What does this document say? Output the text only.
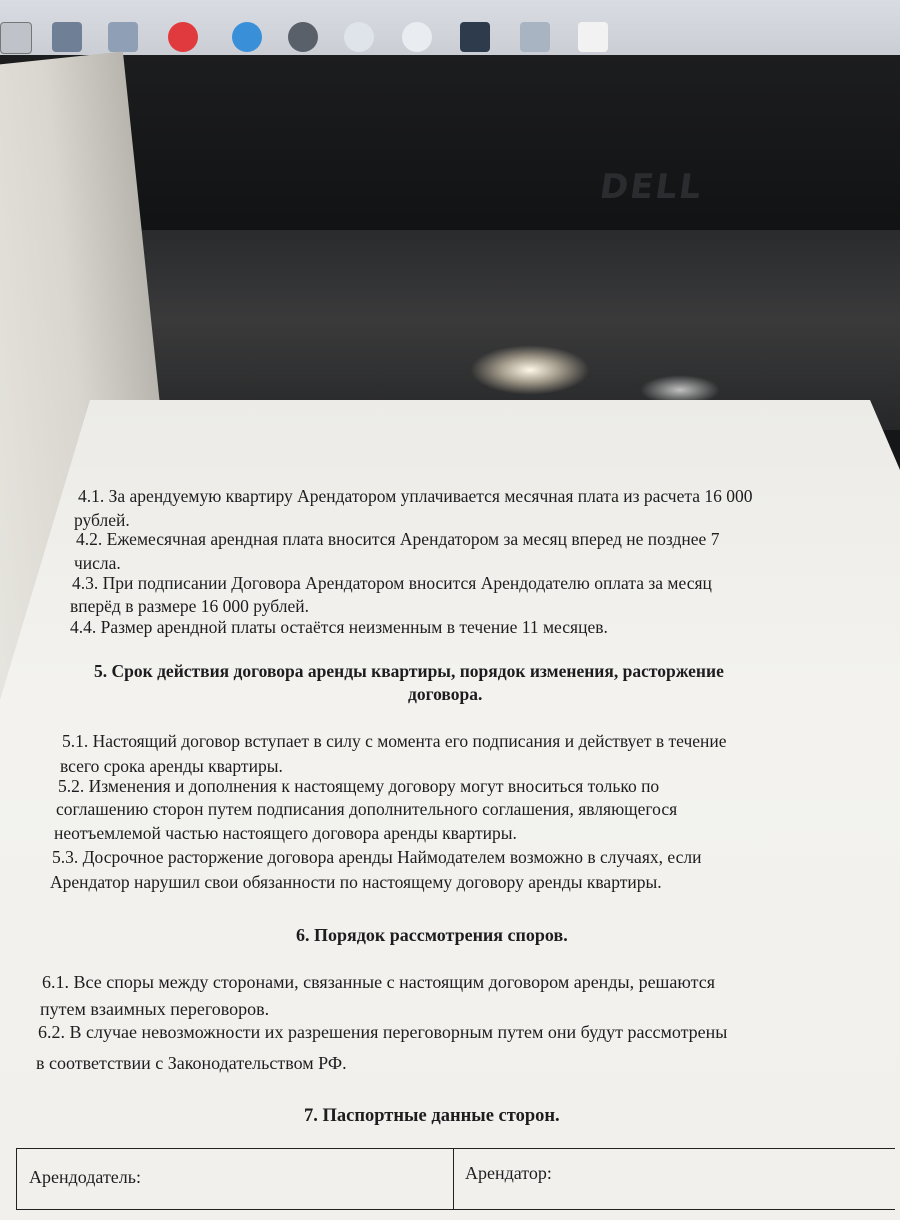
DELL
4.1. За арендуемую квартиру Арендатором уплачивается месячная плата из расчета 16 000
рублей.
4.2. Ежемесячная арендная плата вносится Арендатором за месяц вперед не позднее 7
числа.
4.3. При подписании Договора Арендатором вносится Арендодателю оплата за месяц
вперёд в размере 16 000 рублей.
4.4. Размер арендной платы остаётся неизменным в течение 11 месяцев.
5. Срок действия договора аренды квартиры, порядок изменения, расторжение
договора.
5.1. Настоящий договор вступает в силу с момента его подписания и действует в течение
всего срока аренды квартиры.
5.2. Изменения и дополнения к настоящему договору могут вноситься только по
соглашению сторон путем подписания дополнительного соглашения, являющегося
неотъемлемой частью настоящего договора аренды квартиры.
5.3. Досрочное расторжение договора аренды Наймодателем возможно в случаях, если
Арендатор нарушил свои обязанности по настоящему договору аренды квартиры.
6. Порядок рассмотрения споров.
6.1. Все споры между сторонами, связанные с настоящим договором аренды, решаются
путем взаимных переговоров.
6.2. В случае невозможности их разрешения переговорным путем они будут рассмотрены
в соответствии с Законодательством РФ.
7. Паспортные данные сторон.
Арендодатель:	Арендатор:
